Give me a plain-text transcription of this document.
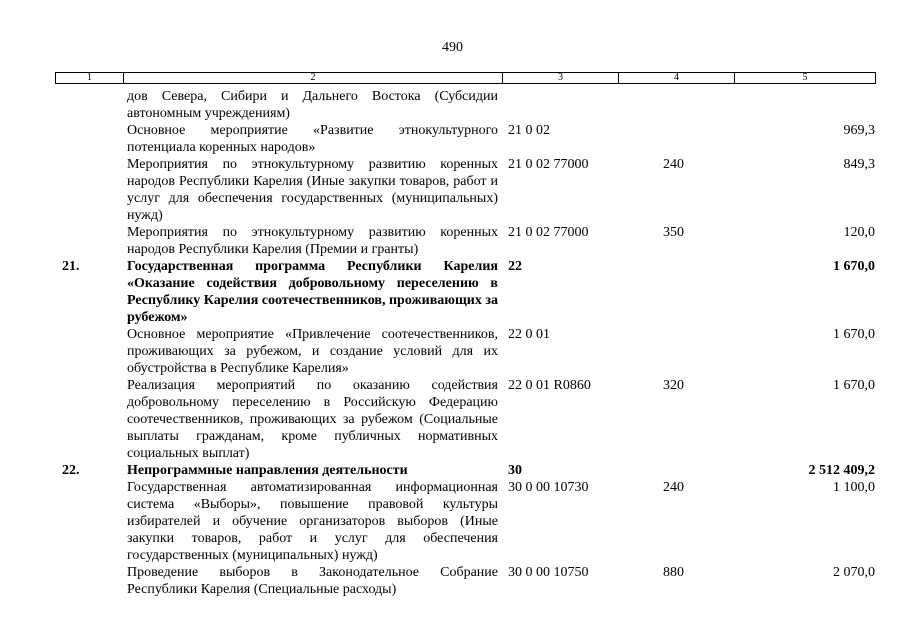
490
1	2	3	4	5
	дов Севера, Сибири и Дальнего Востока (Субсидии автономным учреждениям)			
	Основное мероприятие «Развитие этнокультурного потенциала коренных народов»	21 0 02		969,3
	Мероприятия по этнокультурному развитию коренных народов Республики Карелия (Иные закупки товаров, работ и услуг для обеспечения государственных (муниципальных) нужд)	21 0 02 77000	240	849,3
	Мероприятия по этнокультурному развитию коренных народов Республики Карелия (Премии и гранты)	21 0 02 77000	350	120,0
21.	Государственная программа Республики Карелия «Оказание содействия добровольному переселению в Республику Карелия соотечественников, проживающих за рубежом»	22		1 670,0
	Основное мероприятие «Привлечение соотечественников, проживающих за рубежом, и создание условий для их обустройства в Республике Карелия»	22 0 01		1 670,0
	Реализация мероприятий по оказанию содействия добровольному переселению в Российскую Федерацию соотечественников, проживающих за рубежом (Социальные выплаты гражданам, кроме публичных нормативных социальных выплат)	22 0 01 R0860	320	1 670,0
22.	Непрограммные направления деятельности	30		2 512 409,2
	Государственная автоматизированная информационная система «Выборы», повышение правовой культуры избирателей и обучение организаторов выборов (Иные закупки товаров, работ и услуг для обеспечения государственных (муниципальных) нужд)	30 0 00 10730	240	1 100,0
	Проведение выборов в Законодательное Собрание Республики Карелия (Специальные расходы)	30 0 00 10750	880	2 070,0
